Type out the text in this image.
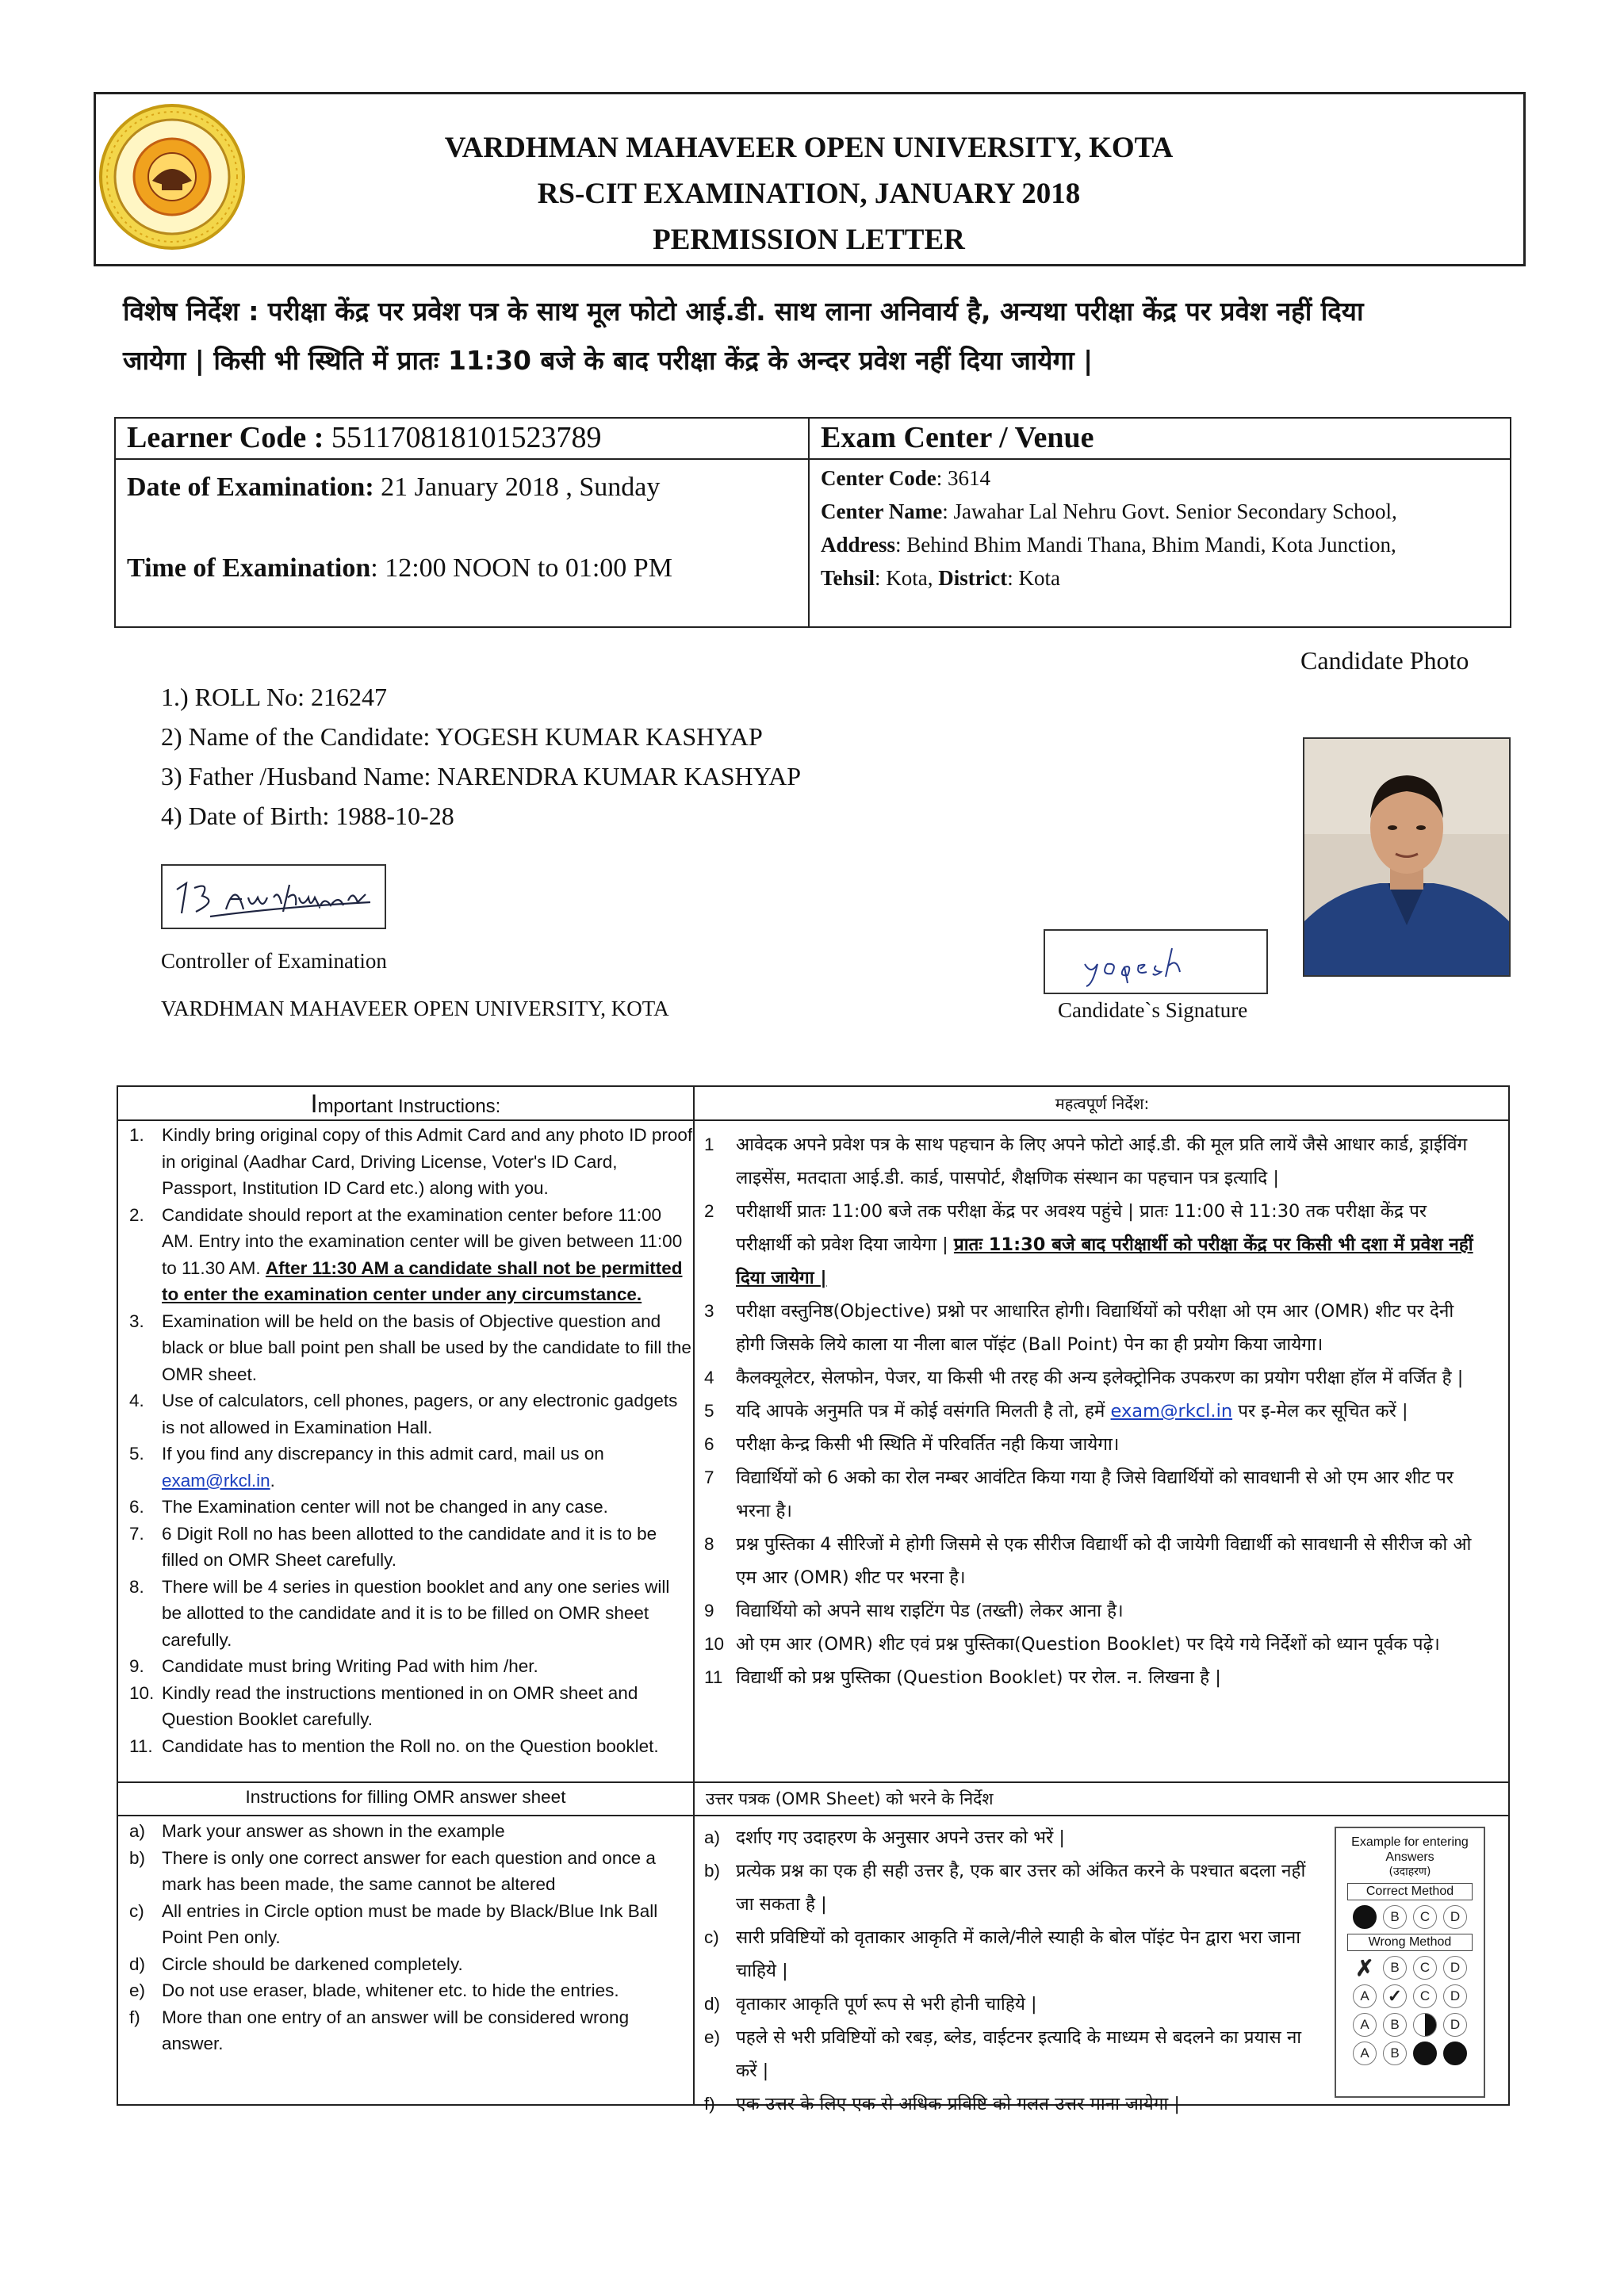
VARDHMAN MAHAVEER OPEN UNIVERSITY, KOTA
RS-CIT EXAMINATION, JANUARY 2018
PERMISSION LETTER
विशेष निर्देश : परीक्षा केंद्र पर प्रवेश पत्र के साथ मूल फोटो आई.डी. साथ लाना अनिवार्य है, अन्यथा परीक्षा केंद्र पर प्रवेश नहीं दिया
जायेगा | किसी भी स्थिति में प्रातः 11:30 बजे के बाद परीक्षा केंद्र के अन्दर प्रवेश नहीं दिया जायेगा |
Learner Code : 551170818101523789	Exam Center / Venue
Date of Examination: 21 January 2018 , Sunday
Time of Examination: 12:00 NOON to 01:00 PM
Center Code: 3614
Center Name: Jawahar Lal Nehru Govt. Senior Secondary School,
Address: Behind Bhim Mandi Thana, Bhim Mandi, Kota Junction,
Tehsil: Kota, District: Kota
Candidate Photo
1.) ROLL No: 216247
2) Name of the Candidate: YOGESH KUMAR KASHYAP
3) Father /Husband Name: NARENDRA KUMAR KASHYAP
4) Date of Birth: 1988-10-28
Controller of Examination
VARDHMAN MAHAVEER OPEN UNIVERSITY, KOTA	Candidate`s Signature
Important Instructions:	महत्वपूर्ण निर्देश:
1. Kindly bring original copy of this Admit Card and any photo ID proof in original (Aadhar Card, Driving License, Voter's ID Card, Passport, Institution ID Card etc.) along with you.
2. Candidate should report at the examination center before 11:00 AM. Entry into the examination center will be given between 11:00 to 11.30 AM. After 11:30 AM a candidate shall not be permitted to enter the examination center under any circumstance.
3. Examination will be held on the basis of Objective question and black or blue ball point pen shall be used by the candidate to fill the OMR sheet.
4. Use of calculators, cell phones, pagers, or any electronic gadgets is not allowed in Examination Hall.
5. If you find any discrepancy in this admit card, mail us on exam@rkcl.in.
6. The Examination center will not be changed in any case.
7. 6 Digit Roll no has been allotted to the candidate and it is to be filled on OMR Sheet carefully.
8. There will be 4 series in question booklet and any one series will be allotted to the candidate and it is to be filled on OMR sheet carefully.
9. Candidate must bring Writing Pad with him /her.
10. Kindly read the instructions mentioned in on OMR sheet and Question Booklet carefully.
11. Candidate has to mention the Roll no. on the Question booklet.
1 आवेदक अपने प्रवेश पत्र के साथ पहचान के लिए अपने फोटो आई.डी. की मूल प्रति लायें जैसे आधार कार्ड, ड्राईविंग लाइसेंस, मतदाता आई.डी. कार्ड, पासपोर्ट, शैक्षणिक संस्थान का पहचान पत्र इत्यादि |
2 परीक्षार्थी प्रातः 11:00 बजे तक परीक्षा केंद्र पर अवश्य पहुंचे | प्रातः 11:00 से 11:30 तक परीक्षा केंद्र पर परीक्षार्थी को प्रवेश दिया जायेगा | प्रातः 11:30 बजे बाद परीक्षार्थी को परीक्षा केंद्र पर किसी भी दशा में प्रवेश नहीं दिया जायेगा |
3 परीक्षा वस्तुनिष्ठ(Objective) प्रश्नो पर आधारित होगी। विद्यार्थियों को परीक्षा ओ एम आर (OMR) शीट पर देनी होगी जिसके लिये काला या नीला बाल पॉइंट (Ball Point) पेन का ही प्रयोग किया जायेगा।
4 कैलक्यूलेटर, सेलफोन, पेजर, या किसी भी तरह की अन्य इलेक्ट्रोनिक उपकरण का प्रयोग परीक्षा हॉल में वर्जित है |
5 यदि आपके अनुमति पत्र में कोई वसंगति मिलती है तो, हमें exam@rkcl.in पर इ-मेल कर सूचित करें |
6 परीक्षा केन्द्र किसी भी स्थिति में परिवर्तित नही किया जायेगा।
7 विद्यार्थियों को 6 अको का रोल नम्बर आवंटित किया गया है जिसे विद्यार्थियों को सावधानी से ओ एम आर शीट पर भरना है।
8 प्रश्न पुस्तिका 4 सीरिजों मे होगी जिसमे से एक सीरीज विद्यार्थी को दी जायेगी विद्यार्थी को सावधानी से सीरीज को ओ एम आर (OMR) शीट पर भरना है।
9 विद्यार्थियो को अपने साथ राइटिंग पेड (तख्ती) लेकर आना है।
10 ओ एम आर (OMR) शीट एवं प्रश्न पुस्तिका(Question Booklet) पर दिये गये निर्देशों को ध्यान पूर्वक पढ़े।
11 विद्यार्थी को प्रश्न पुस्तिका (Question Booklet) पर रोल. न. लिखना है |
Instructions for filling OMR answer sheet	उत्तर पत्रक (OMR Sheet) को भरने के निर्देश
a) Mark your answer as shown in the example
b) There is only one correct answer for each question and once a mark has been made, the same cannot be altered
c) All entries in Circle option must be made by Black/Blue Ink Ball Point Pen only.
d) Circle should be darkened completely.
e) Do not use eraser, blade, whitener etc. to hide the entries.
f) More than one entry of an answer will be considered wrong answer.
a) दर्शाए गए उदाहरण के अनुसार अपने उत्तर को भरें |
b) प्रत्येक प्रश्न का एक ही सही उत्तर है, एक बार उत्तर को अंकित करने के पश्चात बदला नहीं जा सकता है |
c) सारी प्रविष्टियों को वृताकार आकृति में काले/नीले स्याही के बोल पॉइंट पेन द्वारा भरा जाना चाहिये |
d) वृताकार आकृति पूर्ण रूप से भरी होनी चाहिये |
e) पहले से भरी प्रविष्टियों को रबड़, ब्लेड, वाईटनर इत्यादि के माध्यम से बदलने का प्रयास ना करें |
f) एक उत्तर के लिए एक से अधिक प्रविष्टि को गलत उत्तर माना जायेगा |
Example for entering Answers
(उदाहरण)
Correct Method
B	C	D
Wrong Method
✗	B	C	D
A	✓	C	D
A	B	D
A	B
